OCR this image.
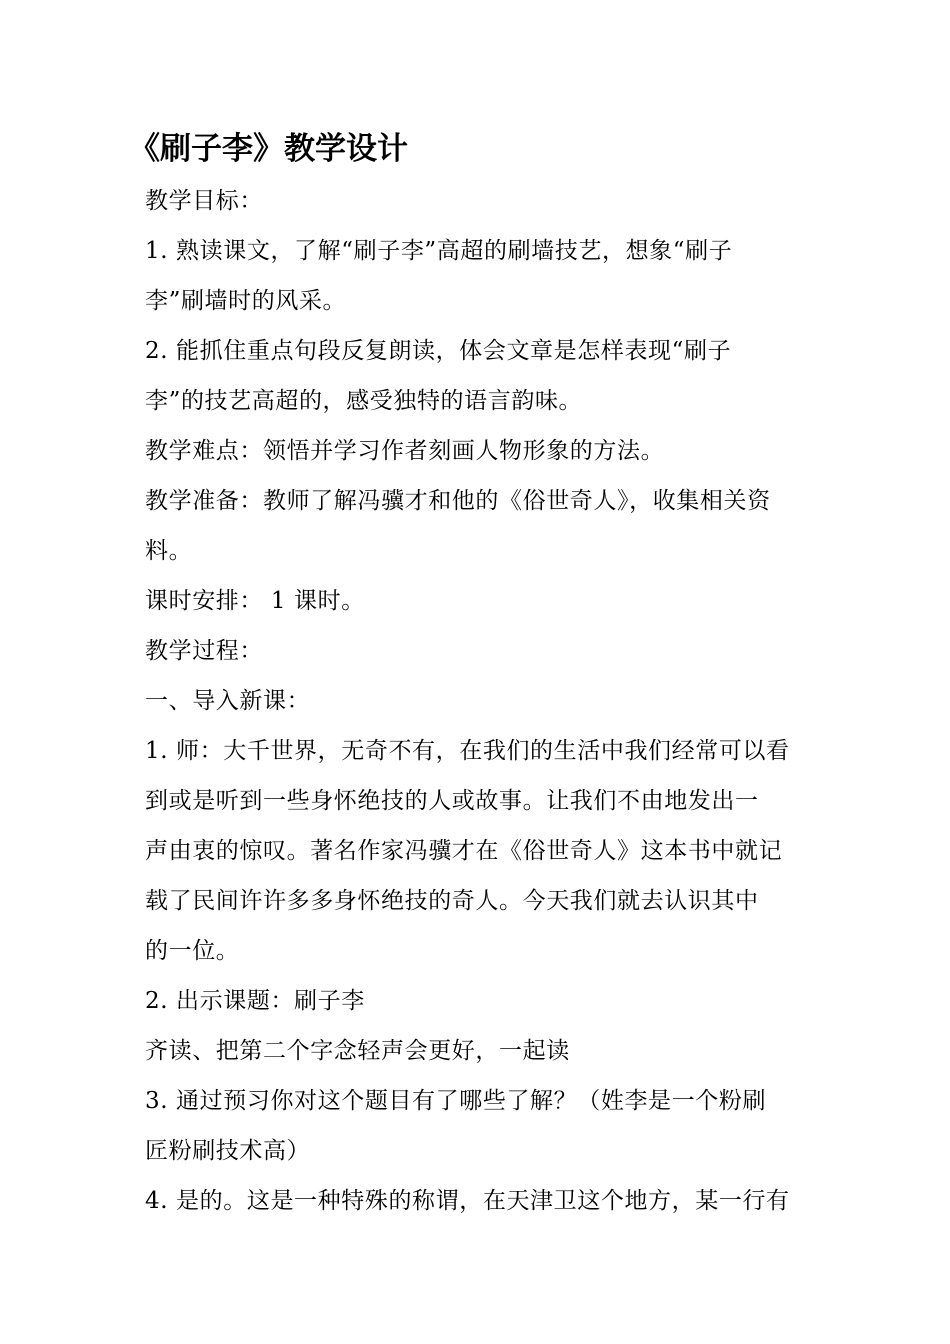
《刷子李》教学设计
教学目标：
1. 熟读课文，了解“刷子李”高超的刷墙技艺，想象“刷子
李”刷墙时的风采。
2. 能抓住重点句段反复朗读，体会文章是怎样表现“刷子
李”的技艺高超的，感受独特的语言韵味。
教学难点：领悟并学习作者刻画人物形象的方法。
教学准备：教师了解冯骥才和他的《俗世奇人》，收集相关资
料。
课时安排： 1 课时。
教学过程：
一、导入新课：
1. 师：大千世界，无奇不有，在我们的生活中我们经常可以看
到或是听到一些身怀绝技的人或故事。让我们不由地发出一
声由衷的惊叹。著名作家冯骥才在《俗世奇人》这本书中就记
载了民间许许多多身怀绝技的奇人。今天我们就去认识其中
的一位。
2. 出示课题：刷子李
齐读、把第二个字念轻声会更好，一起读
3. 通过预习你对这个题目有了哪些了解？（姓李是一个粉刷
匠粉刷技术高）
4. 是的。这是一种特殊的称谓，在天津卫这个地方，某一行有
